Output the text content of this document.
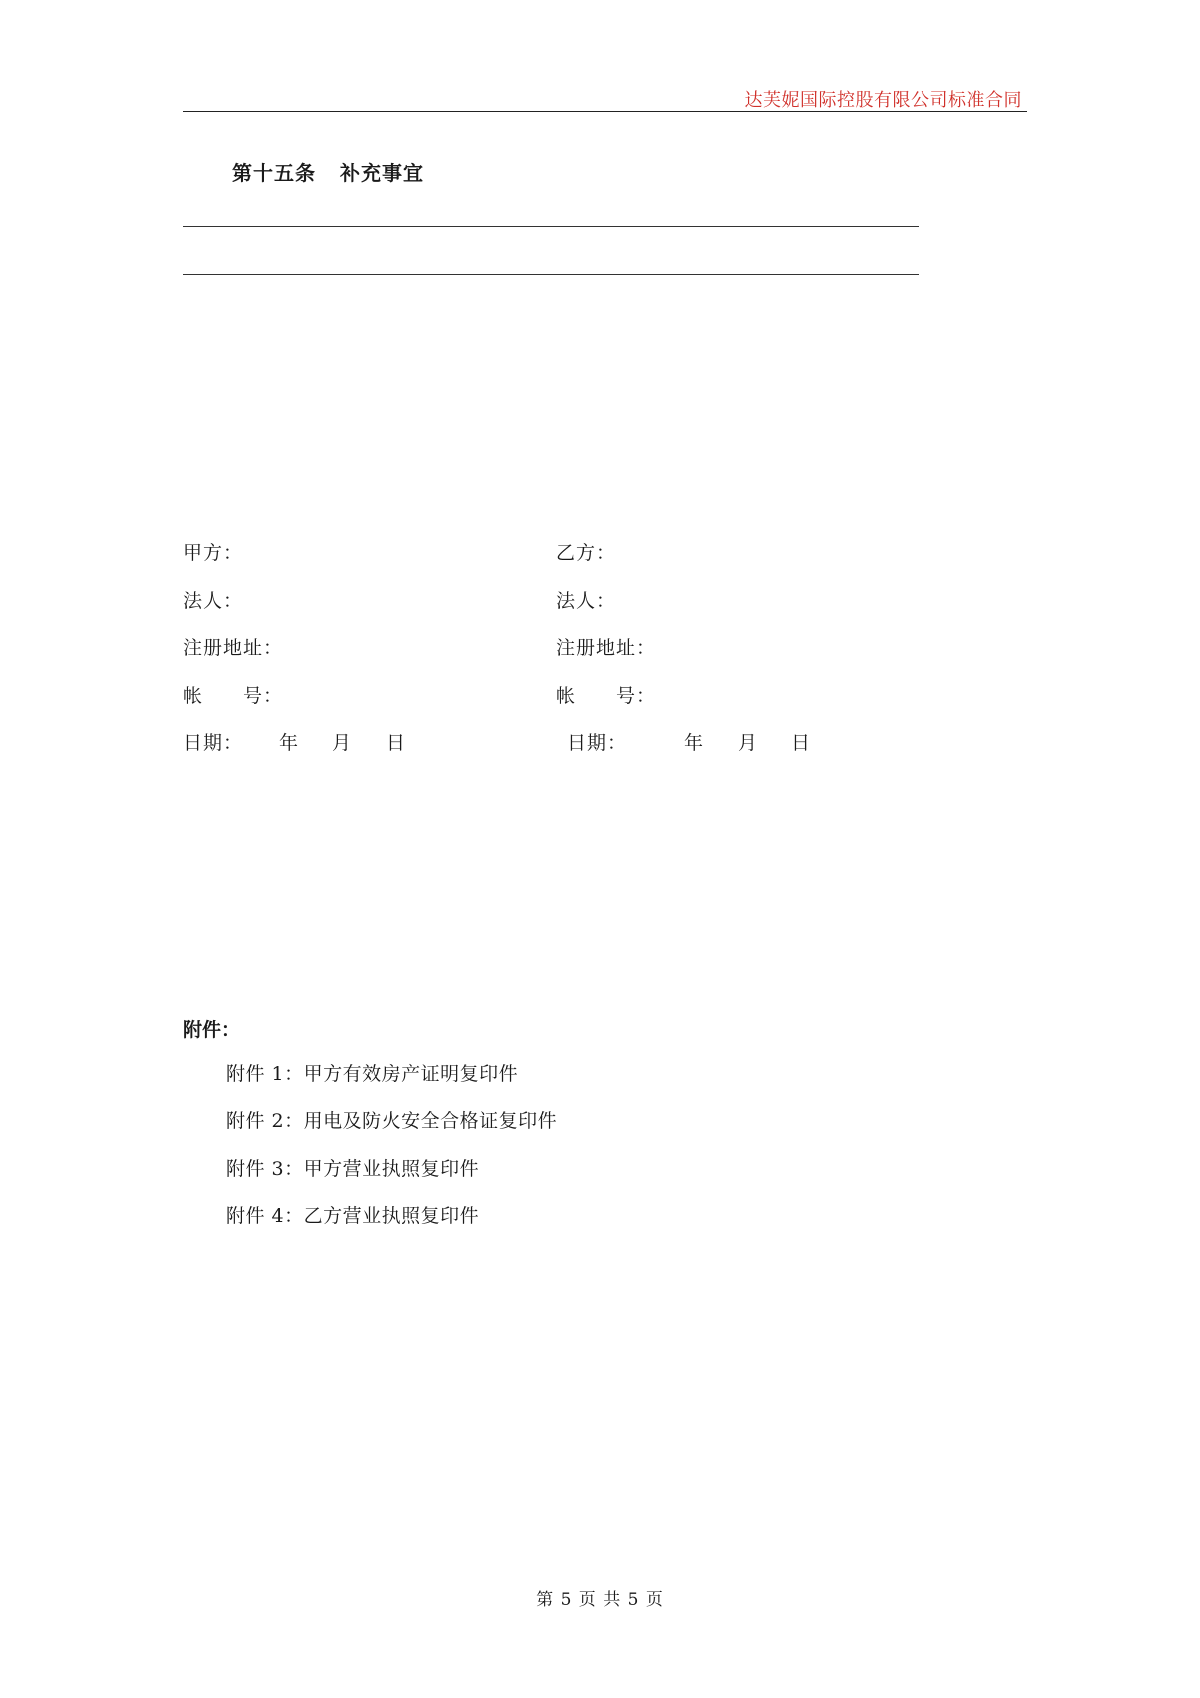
达芙妮国际控股有限公司标准合同
第十五条 补充事宜
甲方：
法人：
注册地址：
帐　　号：
日期： 年 月 日
乙方：
法人：
注册地址：
帐　　号：
日期：	年 月 日
附件：
附件 1：甲方有效房产证明复印件
附件 2：用电及防火安全合格证复印件
附件 3：甲方营业执照复印件
附件 4：乙方营业执照复印件
第 5 页 共 5 页
